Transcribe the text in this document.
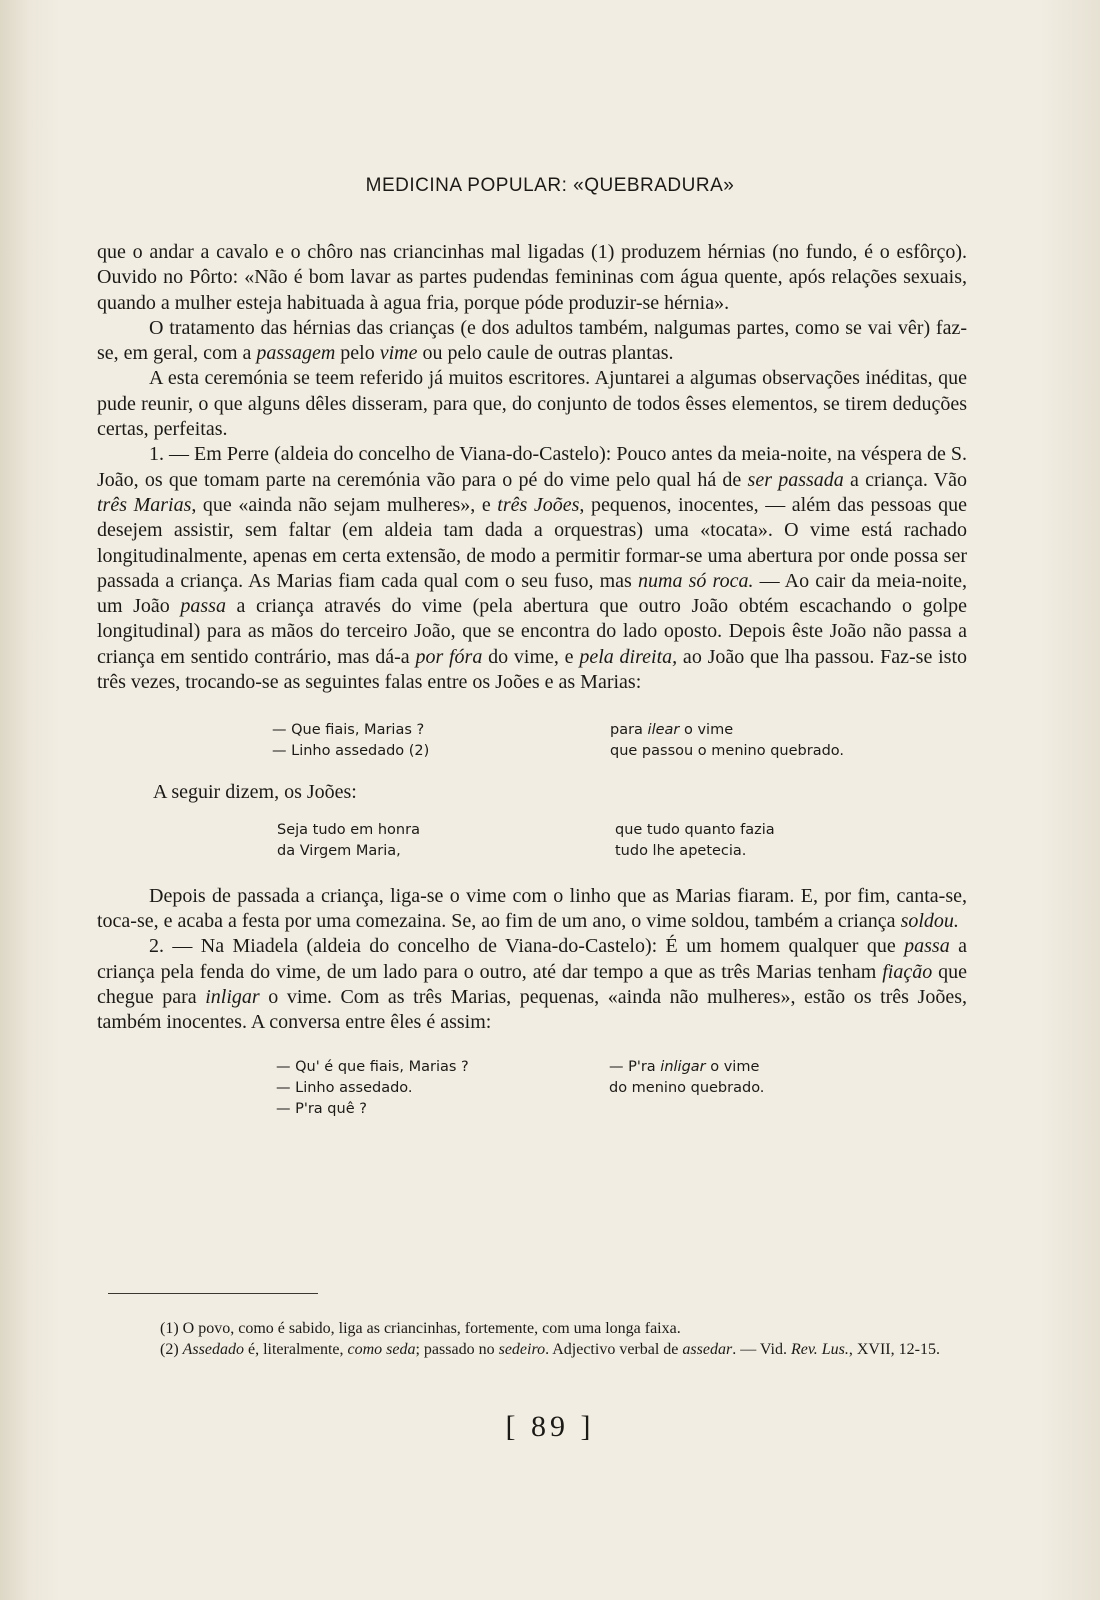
MEDICINA POPULAR: «QUEBRADURA»

que o andar a cavalo e o chôro nas criancinhas mal ligadas (1) produzem hérnias (no fundo, é o esfôrço). Ouvido no Pôrto: «Não é bom lavar as partes pudendas femininas com água quente, após relações sexuais, quando a mulher esteja habituada à agua fria, porque póde produzir-se hérnia».

O tratamento das hérnias das crianças (e dos adultos também, nalgumas partes, como se vai vêr) faz-se, em geral, com a passagem pelo vime ou pelo caule de outras plantas.

A esta ceremónia se teem referido já muitos escritores. Ajuntarei a algumas observações inéditas, que pude reunir, o que alguns dêles disseram, para que, do conjunto de todos êsses elementos, se tirem deduções certas, perfeitas.

1. — Em Perre (aldeia do concelho de Viana-do-Castelo): Pouco antes da meia-noite, na véspera de S. João, os que tomam parte na ceremónia vão para o pé do vime pelo qual há de ser passada a criança. Vão três Marias, que «ainda não sejam mulheres», e três Joões, pequenos, inocentes, — além das pessoas que desejem assistir, sem faltar (em aldeia tam dada a orquestras) uma «tocata». O vime está rachado longitudinalmente, apenas em certa extensão, de modo a permitir formar-se uma abertura por onde possa ser passada a criança. As Marias fiam cada qual com o seu fuso, mas numa só roca. — Ao cair da meia-noite, um João passa a criança através do vime (pela abertura que outro João obtém escachando o golpe longitudinal) para as mãos do terceiro João, que se encontra do lado oposto. Depois êste João não passa a criança em sentido contrário, mas dá-a por fóra do vime, e pela direita, ao João que lha passou. Faz-se isto três vezes, trocando-se as seguintes falas entre os Joões e as Marias:

— Que fiais, Marias ?
— Linho assedado (2)
para ilear o vime
que passou o menino quebrado.

A seguir dizem, os Joões:

Seja tudo em honra
da Virgem Maria,
que tudo quanto fazia
tudo lhe apetecia.

Depois de passada a criança, liga-se o vime com o linho que as Marias fiaram. E, por fim, canta-se, toca-se, e acaba a festa por uma comezaina. Se, ao fim de um ano, o vime soldou, também a criança soldou.

2. — Na Miadela (aldeia do concelho de Viana-do-Castelo): É um homem qualquer que passa a criança pela fenda do vime, de um lado para o outro, até dar tempo a que as três Marias tenham fiação que chegue para inligar o vime. Com as três Marias, pequenas, «ainda não mulheres», estão os três Joões, também inocentes. A conversa entre êles é assim:

— Qu' é que fiais, Marias ?
— Linho assedado.
— P'ra quê ?
— P'ra inligar o vime
do menino quebrado.

(1) O povo, como é sabido, liga as criancinhas, fortemente, com uma longa faixa.

(2) Assedado é, literalmente, como seda; passado no sedeiro. Adjectivo verbal de assedar. — Vid. Rev. Lus., XVII, 12-15.

[ 89 ]
